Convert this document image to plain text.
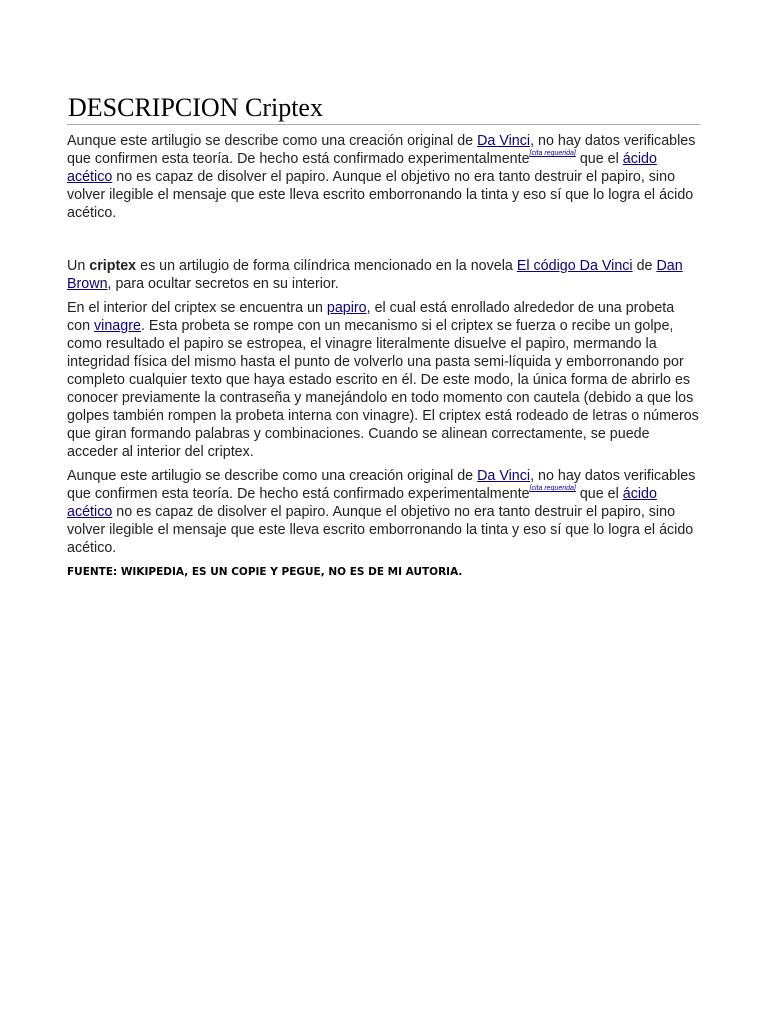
DESCRIPCION Criptex

Aunque este artilugio se describe como una creación original de Da Vinci, no hay datos verificables que confirmen esta teoría. De hecho está confirmado experimentalmente[cita requerida] que el ácido acético no es capaz de disolver el papiro. Aunque el objetivo no era tanto destruir el papiro, sino volver ilegible el mensaje que este lleva escrito emborronando la tinta y eso sí que lo logra el ácido acético.

Un criptex es un artilugio de forma cilíndrica mencionado en la novela El código Da Vinci de Dan Brown, para ocultar secretos en su interior.

En el interior del criptex se encuentra un papiro, el cual está enrollado alrededor de una probeta con vinagre. Esta probeta se rompe con un mecanismo si el criptex se fuerza o recibe un golpe, como resultado el papiro se estropea, el vinagre literalmente disuelve el papiro, mermando la integridad física del mismo hasta el punto de volverlo una pasta semi-líquida y emborronando por completo cualquier texto que haya estado escrito en él. De este modo, la única forma de abrirlo es conocer previamente la contraseña y manejándolo en todo momento con cautela (debido a que los golpes también rompen la probeta interna con vinagre). El criptex está rodeado de letras o números que giran formando palabras y combinaciones. Cuando se alinean correctamente, se puede acceder al interior del criptex.

Aunque este artilugio se describe como una creación original de Da Vinci, no hay datos verificables que confirmen esta teoría. De hecho está confirmado experimentalmente[cita requerida] que el ácido acético no es capaz de disolver el papiro. Aunque el objetivo no era tanto destruir el papiro, sino volver ilegible el mensaje que este lleva escrito emborronando la tinta y eso sí que lo logra el ácido acético.

FUENTE: WIKIPEDIA, ES UN COPIE Y PEGUE, NO ES DE MI AUTORIA.
